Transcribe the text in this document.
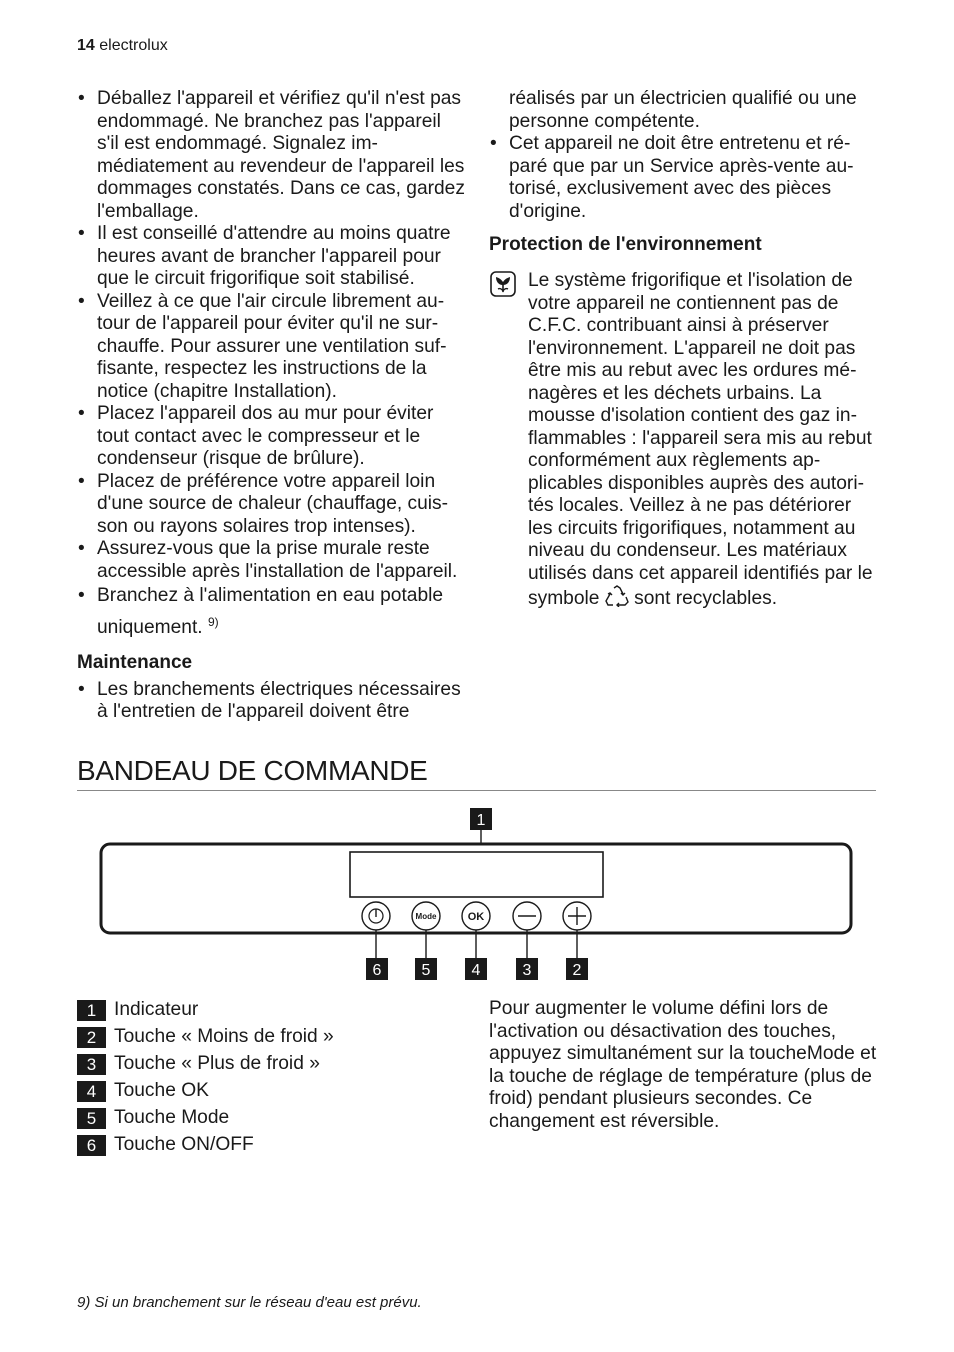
14 electrolux
• Déballez l'appareil et vérifiez qu'il n'est pas endommagé. Ne branchez pas l'appareil s'il est endommagé. Signalez immédiatement au revendeur de l'appareil les dommages constatés. Dans ce cas, gardez l'emballage.
• Il est conseillé d'attendre au moins quatre heures avant de brancher l'appareil pour que le circuit frigorifique soit stabilisé.
• Veillez à ce que l'air circule librement autour de l'appareil pour éviter qu'il ne surchauffe. Pour assurer une ventilation suffisante, respectez les instructions de la notice (chapitre Installation).
• Placez l'appareil dos au mur pour éviter tout contact avec le compresseur et le condenseur (risque de brûlure).
• Placez de préférence votre appareil loin d'une source de chaleur (chauffage, cuisson ou rayons solaires trop intenses).
• Assurez-vous que la prise murale reste accessible après l'installation de l'appareil.
• Branchez à l'alimentation en eau potable uniquement. $^{9)}$
Maintenance
• Les branchements électriques nécessaires à l'entretien de l'appareil doivent être
réalisés par un électricien qualifié ou une personne compétente.
• Cet appareil ne doit être entretenu et réparé que par un Service après-vente autorisé, exclusivement avec des pièces d'origine.
Protection de l'environnement
Le système frigorifique et l'isolation de votre appareil ne contiennent pas de C.F.C. contribuant ainsi à préserver l'environnement. L'appareil ne doit pas être mis au rebut avec les ordures ménagères et les déchets urbains. La mousse d'isolation contient des gaz inflammables : l'appareil sera mis au rebut conformément aux règlements applicables disponibles auprès des autorités locales. Veillez à ne pas détériorer les circuits frigorifiques, notamment au niveau du condenseur. Les matériaux utilisés dans cet appareil identifiés par le symbole sont recyclables.
BANDEAU DE COMMANDE
1
Mode	OK
6	5	4	3	2
1 Indicateur
2 Touche « Moins de froid »
3 Touche « Plus de froid »
4 Touche OK
5 Touche Mode
6 Touche ON/OFF
Pour augmenter le volume défini lors de l'activation ou désactivation des touches, appuyez simultanément sur la toucheMode et la touche de réglage de température (plus de froid) pendant plusieurs secondes. Ce changement est réversible.
9) Si un branchement sur le réseau d'eau est prévu.
